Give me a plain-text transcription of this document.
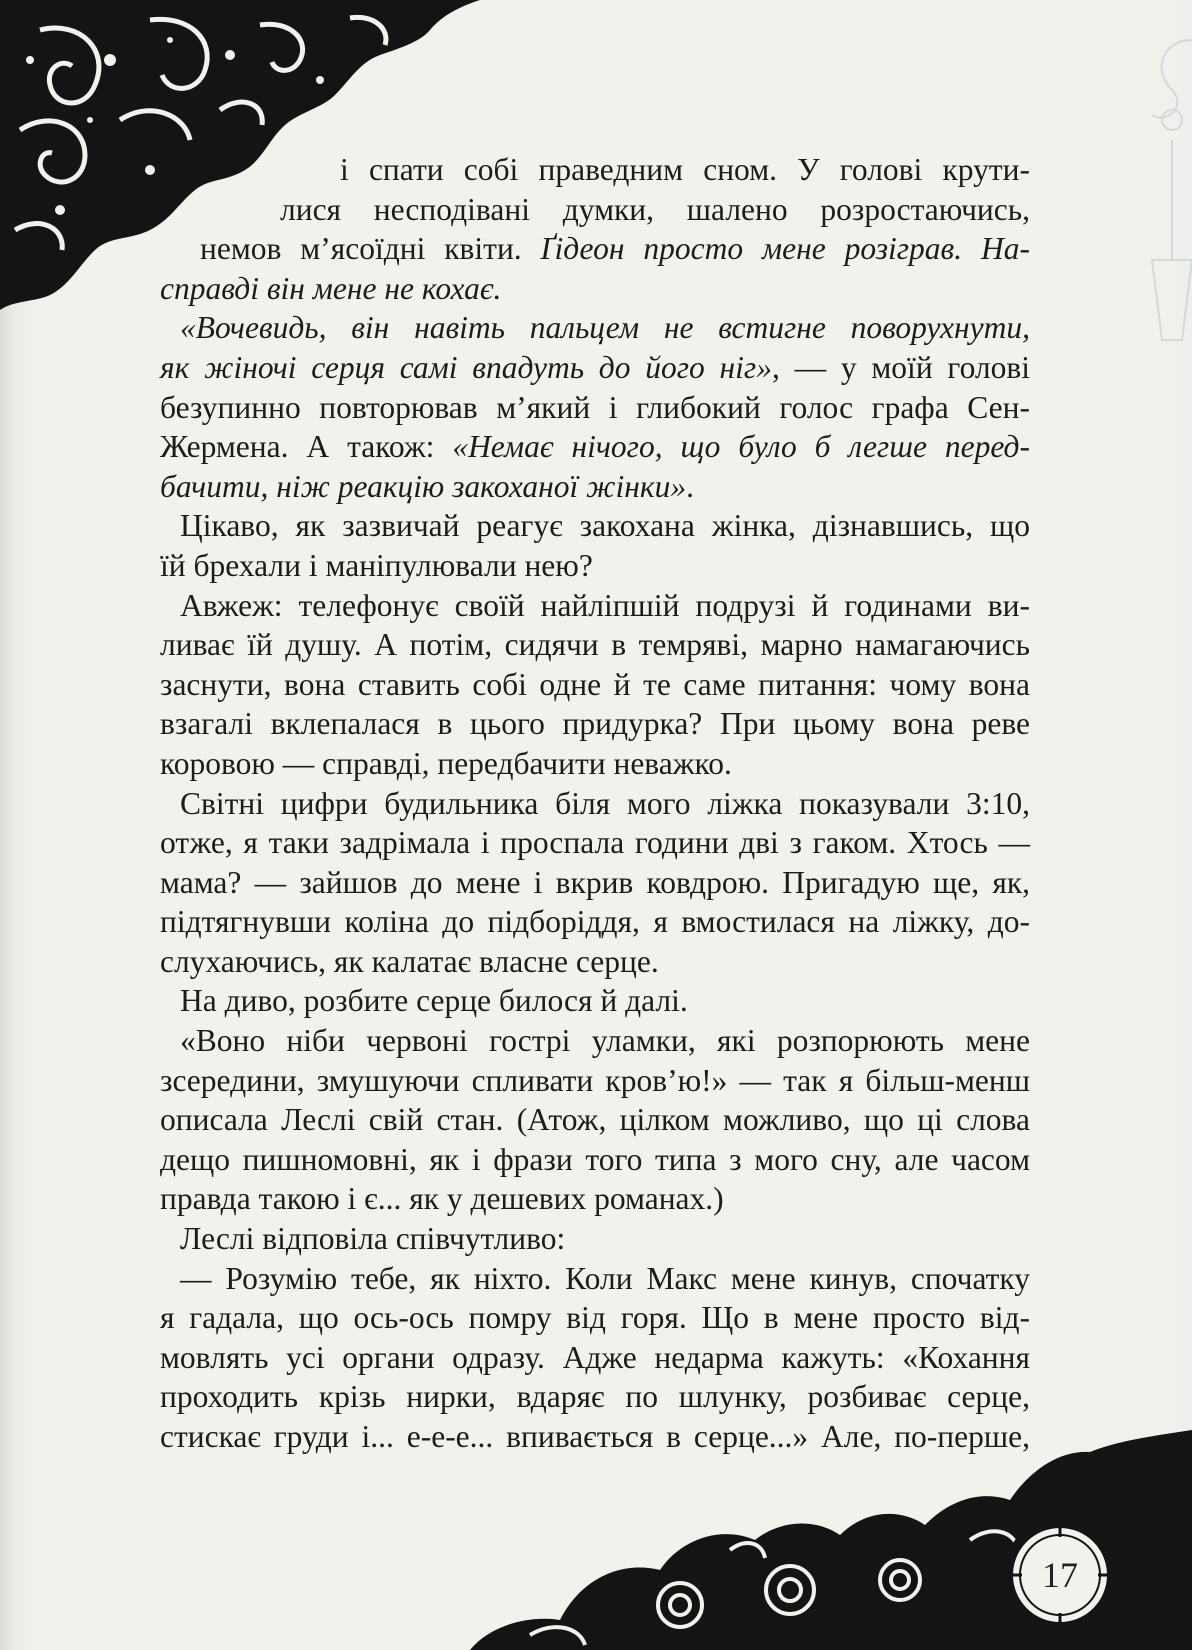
і спати собі праведним сном. У голові крути-
лися несподівані думки, шалено розростаючись,
немов м’ясоїдні квіти. Ґідеон просто мене розіграв. На-
справді він мене не кохає.
«Вочевидь, він навіть пальцем не встигне поворухнути,
як жіночі серця самі впадуть до його ніг», — у моїй голові
безупинно повторював м’який і глибокий голос графа Сен-
Жермена. А також: «Немає нічого, що було б легше перед-
бачити, ніж реакцію закоханої жінки».
Цікаво, як зазвичай реагує закохана жінка, дізнавшись, що
їй брехали і маніпулювали нею?
Авжеж: телефонує своїй найліпшій подрузі й годинами ви-
ливає їй душу. А потім, сидячи в темряві, марно намагаючись
заснути, вона ставить собі одне й те саме питання: чому вона
взагалі вклепалася в цього придурка? При цьому вона реве
коровою — справді, передбачити неважко.
Світні цифри будильника біля мого ліжка показували 3:10,
отже, я таки задрімала і проспала години дві з гаком. Хтось —
мама? — зайшов до мене і вкрив ковдрою. Пригадую ще, як,
підтягнувши коліна до підборіддя, я вмостилася на ліжку, до-
слухаючись, як калатає власне серце.
На диво, розбите серце билося й далі.
«Воно ніби червоні гострі уламки, які розпорюють мене
зсередини, змушуючи спливати кров’ю!» — так я більш-менш
описала Леслі свій стан. (Атож, цілком можливо, що ці слова
дещо пишномовні, як і фрази того типа з мого сну, але часом
правда такою і є... як у дешевих романах.)
Леслі відповіла співчутливо:
— Розумію тебе, як ніхто. Коли Макс мене кинув, спочатку
я гадала, що ось-ось помру від горя. Що в мене просто від-
мовлять усі органи одразу. Адже недарма кажуть: «Кохання
проходить крізь нирки, вдаряє по шлунку, розбиває серце,
стискає груди і... е-е-е... впивається в серце...» Але, по-перше,
17
